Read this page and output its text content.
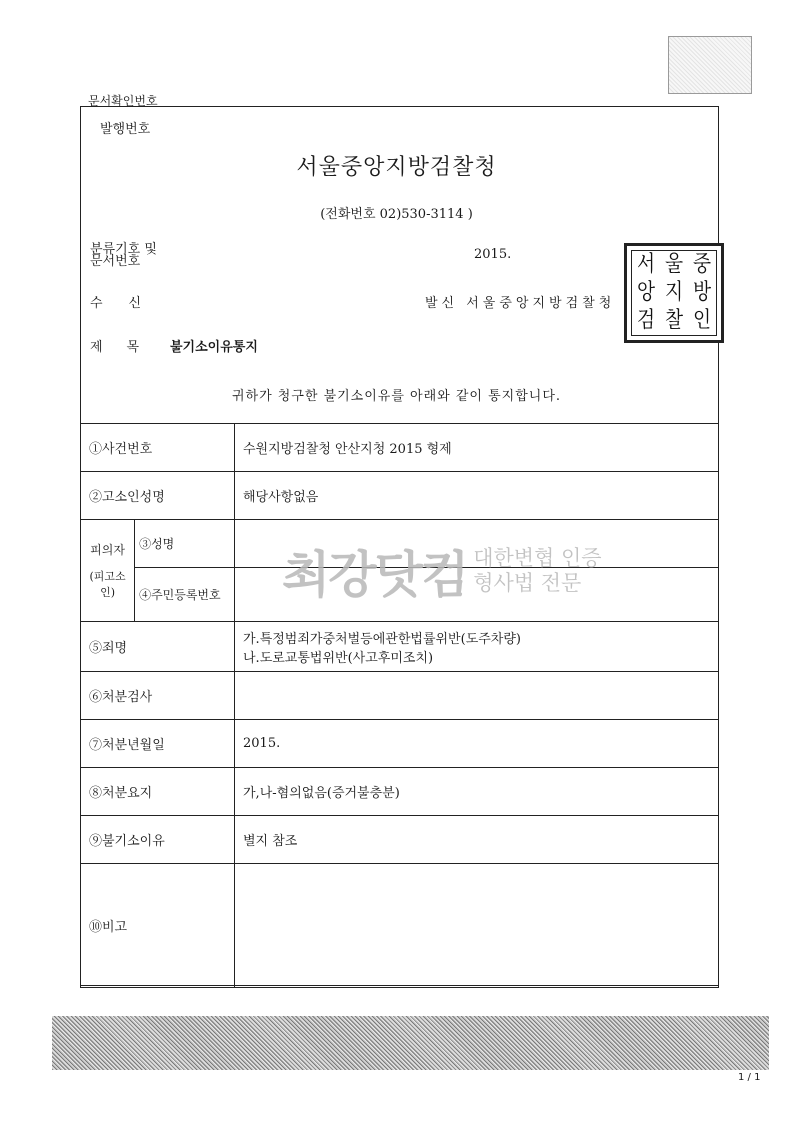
문서확인번호
발행번호
서울중앙지방검찰청
(전화번호 02)530-3114 )
분류기호 및 문서번호	2015.
수신	발신 서울중앙지방검찰청
제목 불기소이유통지
서 울 중
앙 지 방
검 찰 인
귀하가 청구한 불기소이유를 아래와 같이 통지합니다.
①사건번호		수원지방검찰청 안산지청 2015 형제
②고소인성명		해당사항없음

피의자
(피고소인)	③성명	
	④주민등록번호	
⑤죄명		가.특정범죄가중처벌등에관한법률위반(도주차량)
나.도로교통법위반(사고후미조치)

⑥처분검사		
⑦처분년월일		2015.
⑧처분요지		가,나-혐의없음(증거불충분)
⑨불기소이유		별지 참조
⑩비고		
최강닷컴 대한변협 인증
형사법 전문
1 / 1
